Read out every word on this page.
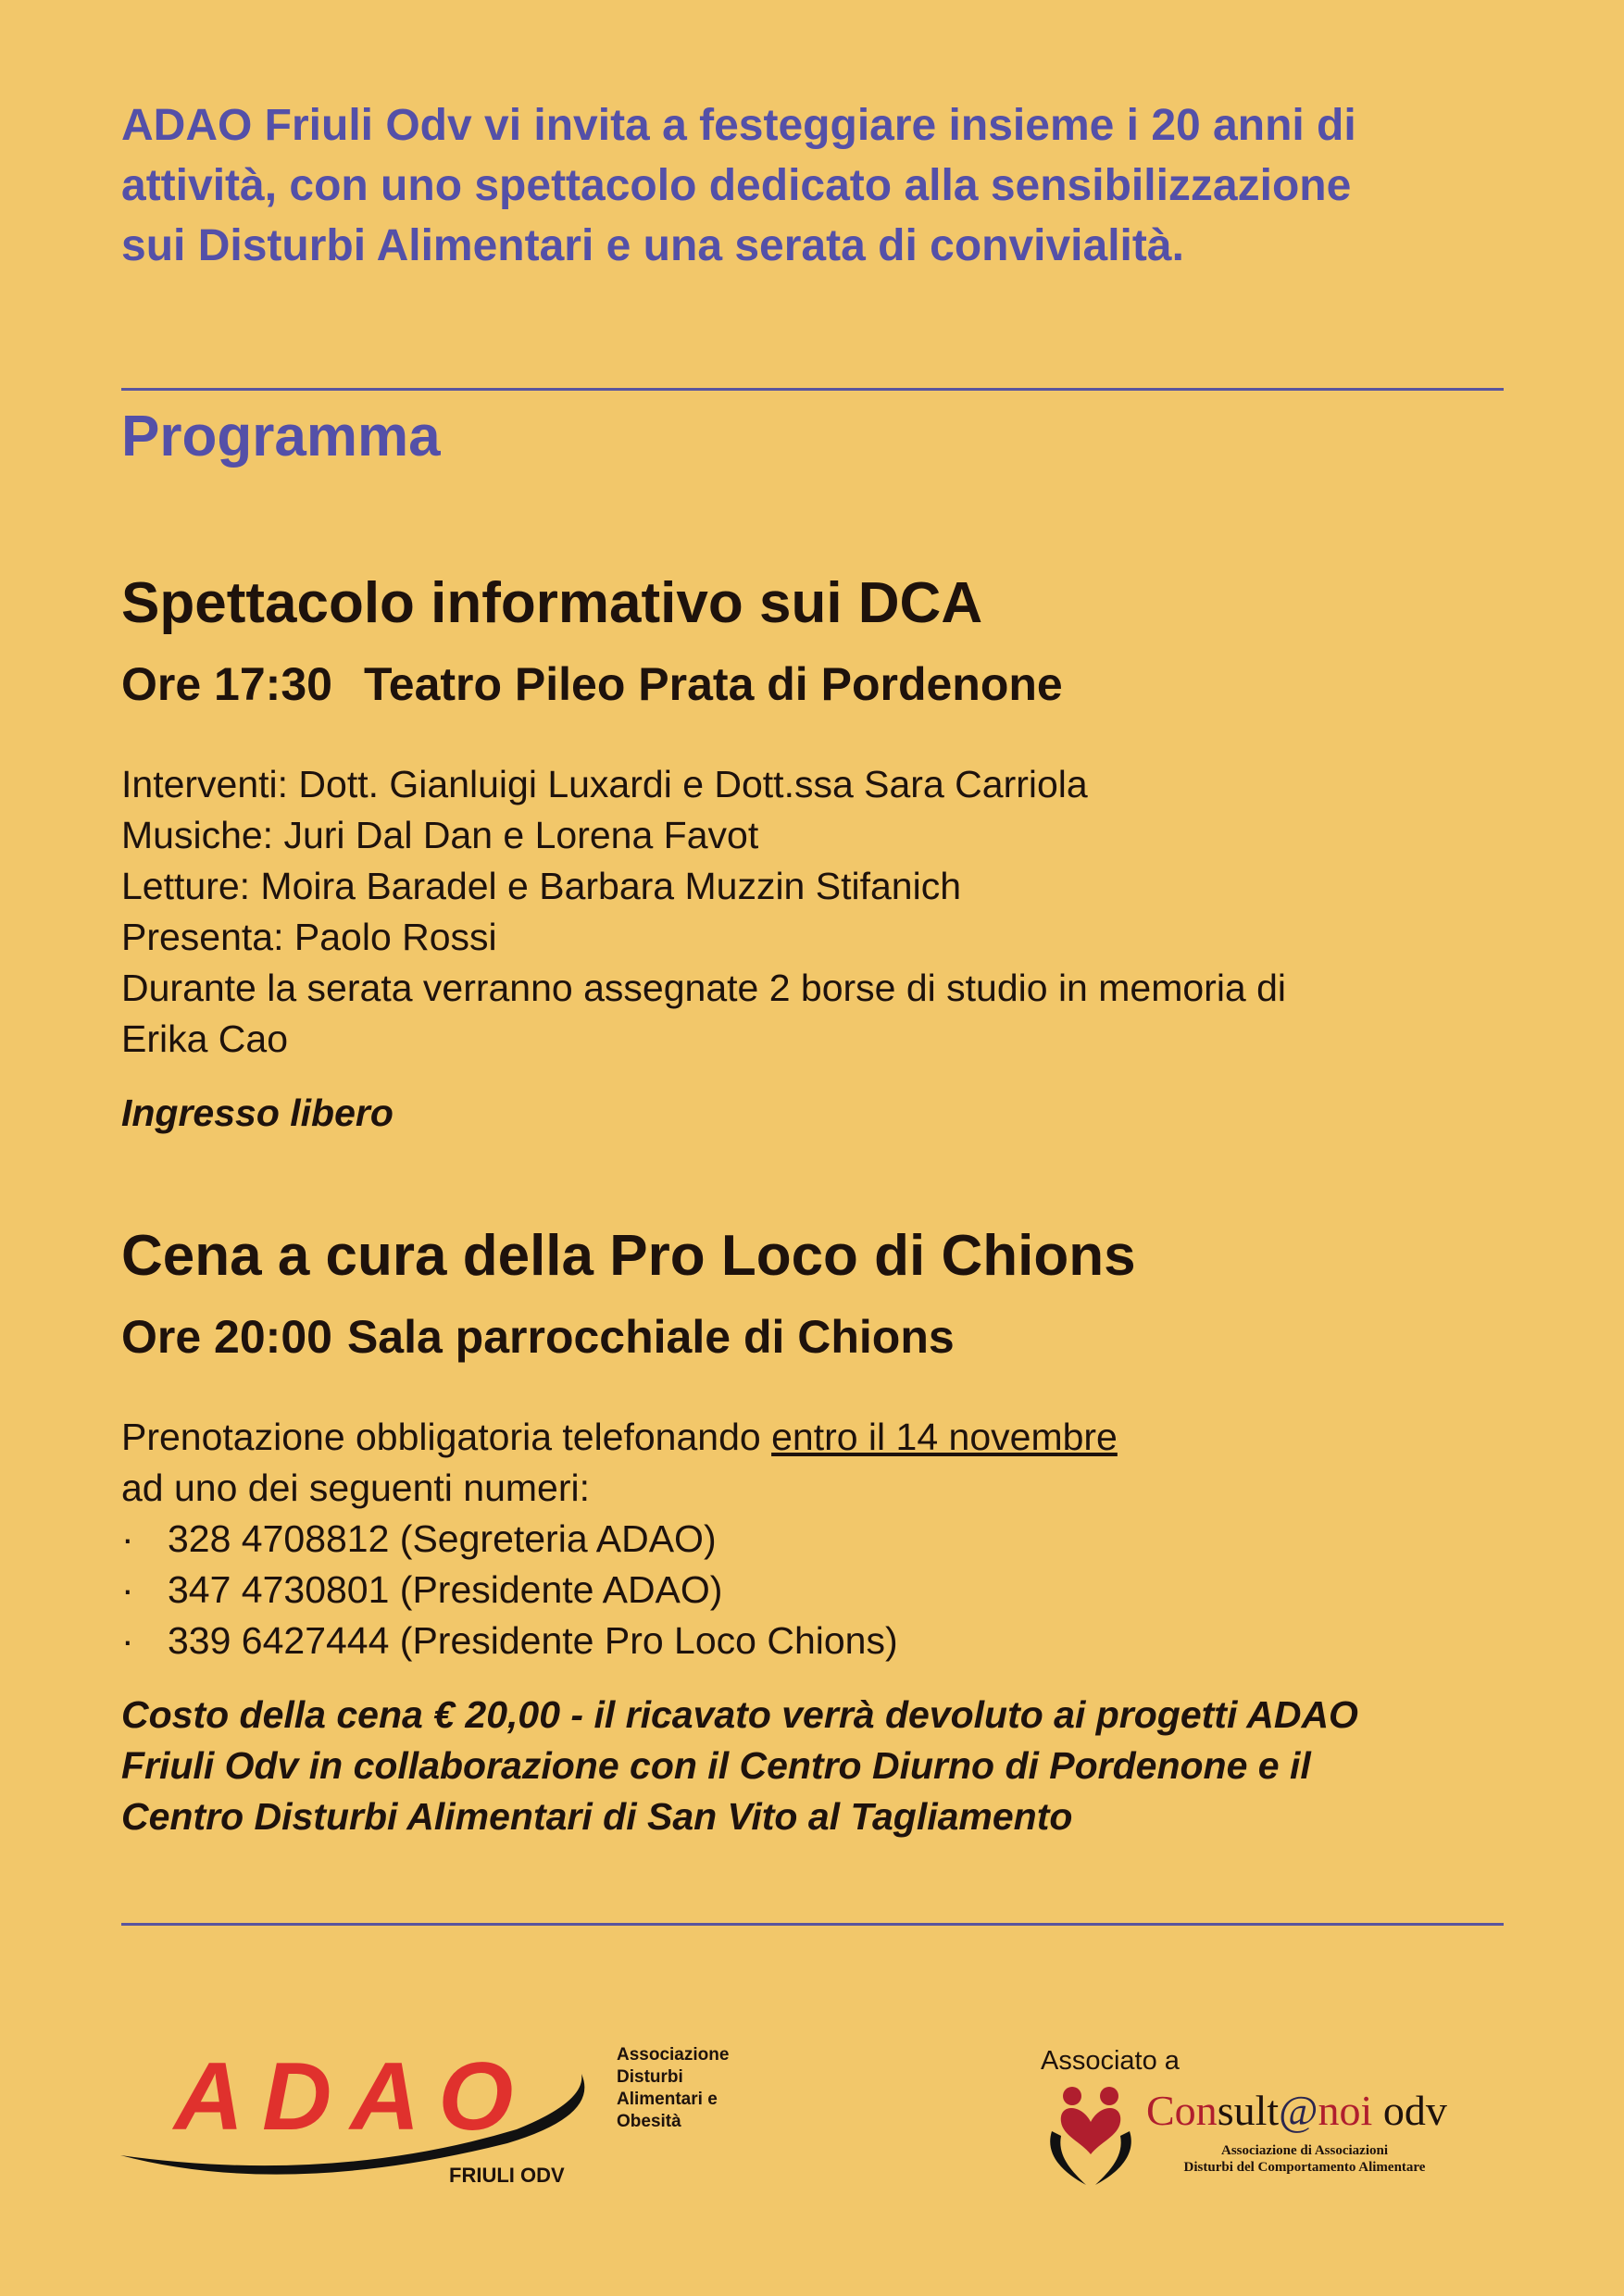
ADAO Friuli Odv vi invita a festeggiare insieme i 20 anni di
attività, con uno spettacolo dedicato alla sensibilizzazione
sui Disturbi Alimentari e una serata di convivialità.
Programma
Spettacolo informativo sui DCA
Ore 17:30 Teatro Pileo Prata di Pordenone
Interventi: Dott. Gianluigi Luxardi e Dott.ssa Sara Carriola
Musiche: Juri Dal Dan e Lorena Favot
Letture: Moira Baradel e Barbara Muzzin Stifanich
Presenta: Paolo Rossi
Durante la serata verranno assegnate 2 borse di studio in memoria di
Erika Cao
Ingresso libero
Cena a cura della Pro Loco di Chions
Ore 20:00 Sala parrocchiale di Chions
Prenotazione obbligatoria telefonando entro il 14 novembre
ad uno dei seguenti numeri:
· 328 4708812 (Segreteria ADAO)
· 347 4730801 (Presidente ADAO)
· 339 6427444 (Presidente Pro Loco Chions)
Costo della cena € 20,00 - il ricavato verrà devoluto ai progetti ADAO
Friuli Odv in collaborazione con il Centro Diurno di Pordenone e il
Centro Disturbi Alimentari di San Vito al Tagliamento
ADAO
FRIULI ODV
Associazione
Disturbi
Alimentari e
Obesità
Associato a
Consult@noi odv
Associazione di Associazioni
Disturbi del Comportamento Alimentare
